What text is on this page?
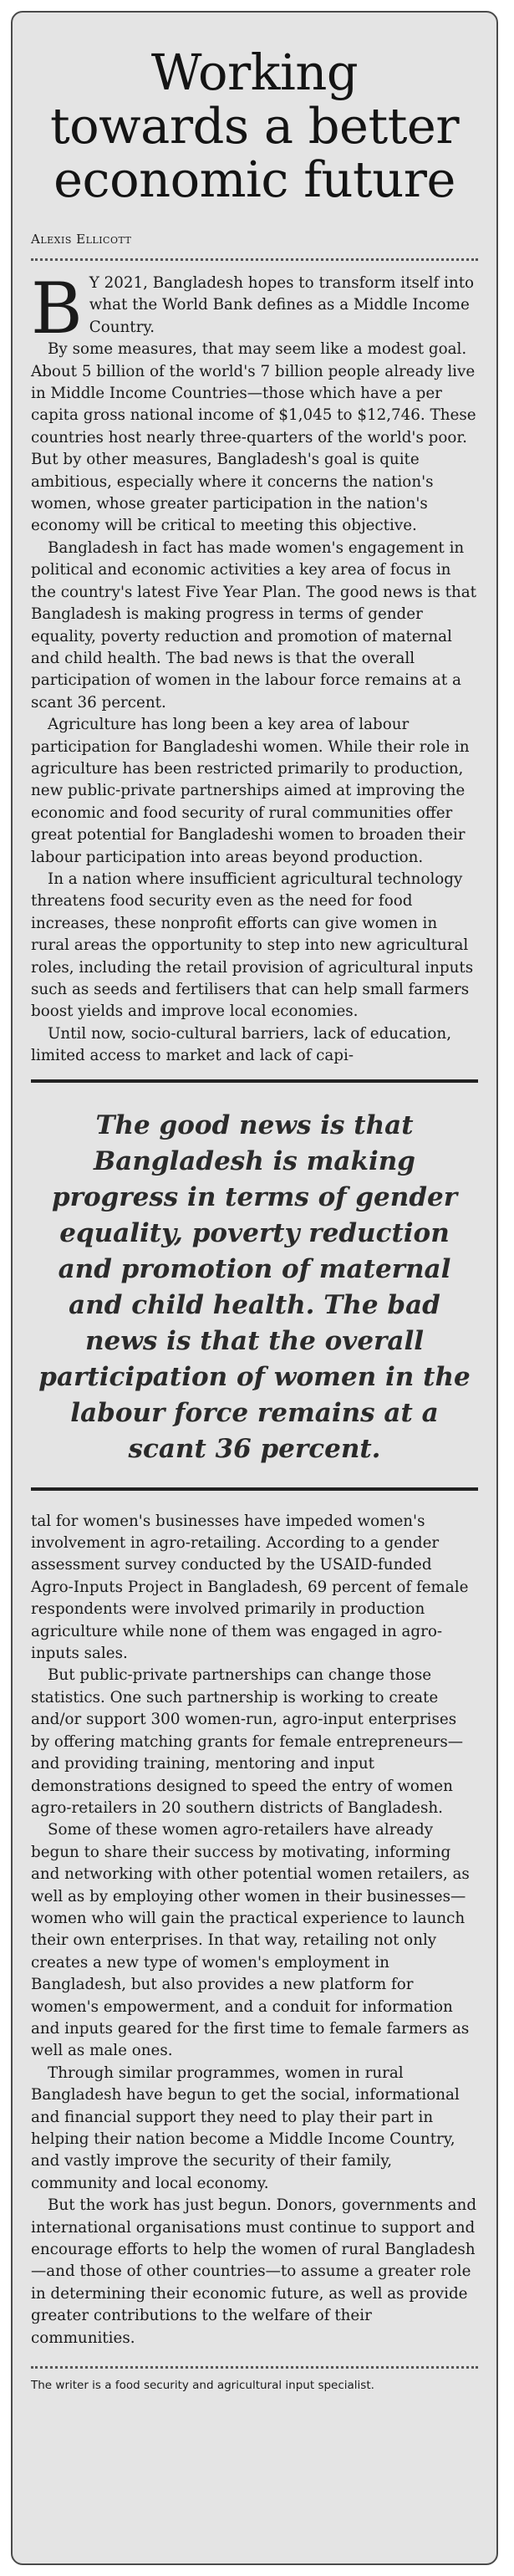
Working
towards a better
economic future
Alexis Ellicott

B Y 2021, Bangladesh hopes to transform itself into what the World Bank defines as a Middle Income Country.

By some measures, that may seem like a modest goal. About 5 billion of the world's 7 billion people already live in Middle Income Countries—those which have a per capita gross national income of $1,045 to $12,746. These countries host nearly three-quarters of the world's poor. But by other measures, Bangladesh's goal is quite ambitious, especially where it concerns the nation's women, whose greater participation in the nation's economy will be critical to meeting this objective.

Bangladesh in fact has made women's engagement in political and economic activities a key area of focus in the country's latest Five Year Plan. The good news is that Bangladesh is making progress in terms of gender equality, poverty reduction and promotion of maternal and child health. The bad news is that the overall participation of women in the labour force remains at a scant 36 percent.

Agriculture has long been a key area of labour participation for Bangladeshi women. While their role in agriculture has been restricted primarily to production, new public-private partnerships aimed at improving the economic and food security of rural communities offer great potential for Bangladeshi women to broaden their labour participation into areas beyond production.

In a nation where insufficient agricultural technology threatens food security even as the need for food increases, these nonprofit efforts can give women in rural areas the opportunity to step into new agricultural roles, including the retail provision of agricultural inputs such as seeds and fertilisers that can help small farmers boost yields and improve local economies.

Until now, socio-cultural barriers, lack of education, limited access to market and lack of capi-

The good news is that Bangladesh is making progress in terms of gender equality, poverty reduction and promotion of maternal and child health. The bad news is that the overall participation of women in the labour force remains at a scant 36 percent.

tal for women's businesses have impeded women's involvement in agro-retailing. According to a gender assessment survey conducted by the USAID-funded Agro-Inputs Project in Bangladesh, 69 percent of female respondents were involved primarily in production agriculture while none of them was engaged in agro-inputs sales.

But public-private partnerships can change those statistics. One such partnership is working to create and/or support 300 women-run, agro-input enterprises by offering matching grants for female entrepreneurs—and providing training, mentoring and input demonstrations designed to speed the entry of women agro-retailers in 20 southern districts of Bangladesh.

Some of these women agro-retailers have already begun to share their success by motivating, informing and networking with other potential women retailers, as well as by employing other women in their businesses—women who will gain the practical experience to launch their own enterprises. In that way, retailing not only creates a new type of women's employment in Bangladesh, but also provides a new platform for women's empowerment, and a conduit for information and inputs geared for the first time to female farmers as well as male ones.

Through similar programmes, women in rural Bangladesh have begun to get the social, informational and financial support they need to play their part in helping their nation become a Middle Income Country, and vastly improve the security of their family, community and local economy.

But the work has just begun. Donors, governments and international organisations must continue to support and encourage efforts to help the women of rural Bangladesh—and those of other countries—to assume a greater role in determining their economic future, as well as provide greater contributions to the welfare of their communities.

The writer is a food security and agricultural input specialist.
